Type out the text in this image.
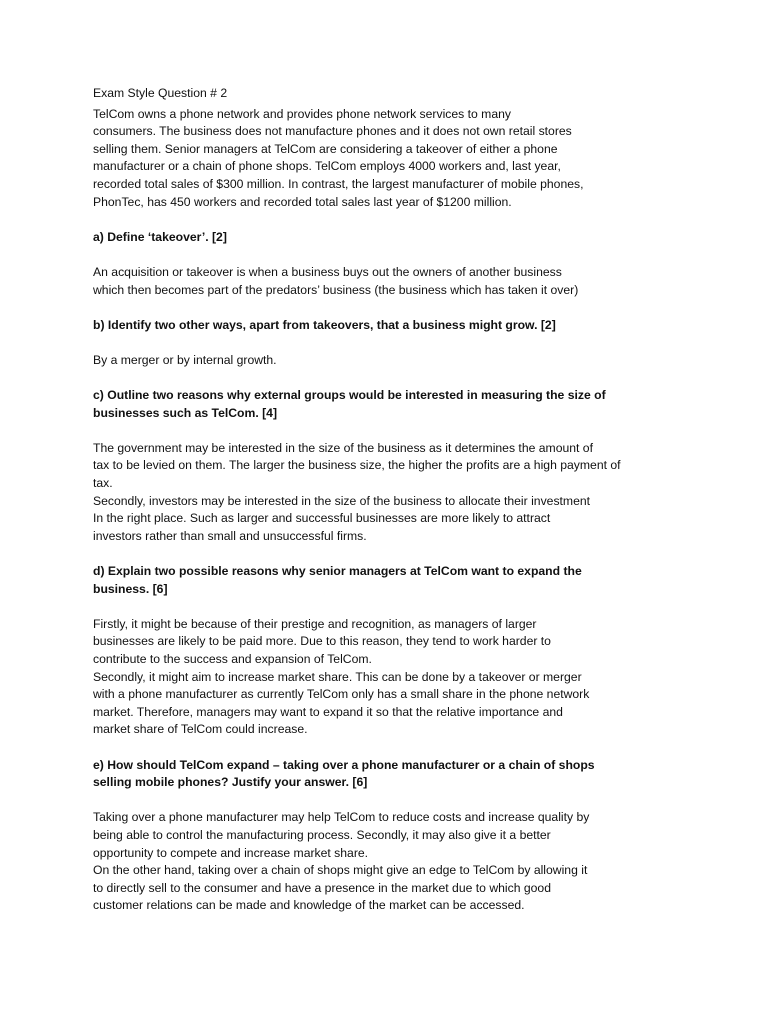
Exam Style Question # 2
TelCom owns a phone network and provides phone network services to many
consumers. The business does not manufacture phones and it does not own retail stores
selling them. Senior managers at TelCom are considering a takeover of either a phone
manufacturer or a chain of phone shops. TelCom employs 4000 workers and, last year,
recorded total sales of $300 million. In contrast, the largest manufacturer of mobile phones,
PhonTec, has 450 workers and recorded total sales last year of $1200 million.
a) Define ‘takeover’. [2]
An acquisition or takeover is when a business buys out the owners of another business
which then becomes part of the predators’ business (the business which has taken it over)
b) Identify two other ways, apart from takeovers, that a business might grow. [2]
By a merger or by internal growth.
c) Outline two reasons why external groups would be interested in measuring the size of
businesses such as TelCom. [4]
The government may be interested in the size of the business as it determines the amount of
tax to be levied on them. The larger the business size, the higher the profits are a high payment of
tax.
Secondly, investors may be interested in the size of the business to allocate their investment
In the right place. Such as larger and successful businesses are more likely to attract
investors rather than small and unsuccessful firms.
d) Explain two possible reasons why senior managers at TelCom want to expand the
business. [6]
Firstly, it might be because of their prestige and recognition, as managers of larger
businesses are likely to be paid more. Due to this reason, they tend to work harder to
contribute to the success and expansion of TelCom.
Secondly, it might aim to increase market share. This can be done by a takeover or merger
with a phone manufacturer as currently TelCom only has a small share in the phone network
market. Therefore, managers may want to expand it so that the relative importance and
market share of TelCom could increase.
e) How should TelCom expand – taking over a phone manufacturer or a chain of shops
selling mobile phones? Justify your answer. [6]
Taking over a phone manufacturer may help TelCom to reduce costs and increase quality by
being able to control the manufacturing process. Secondly, it may also give it a better
opportunity to compete and increase market share.
On the other hand, taking over a chain of shops might give an edge to TelCom by allowing it
to directly sell to the consumer and have a presence in the market due to which good
customer relations can be made and knowledge of the market can be accessed.
